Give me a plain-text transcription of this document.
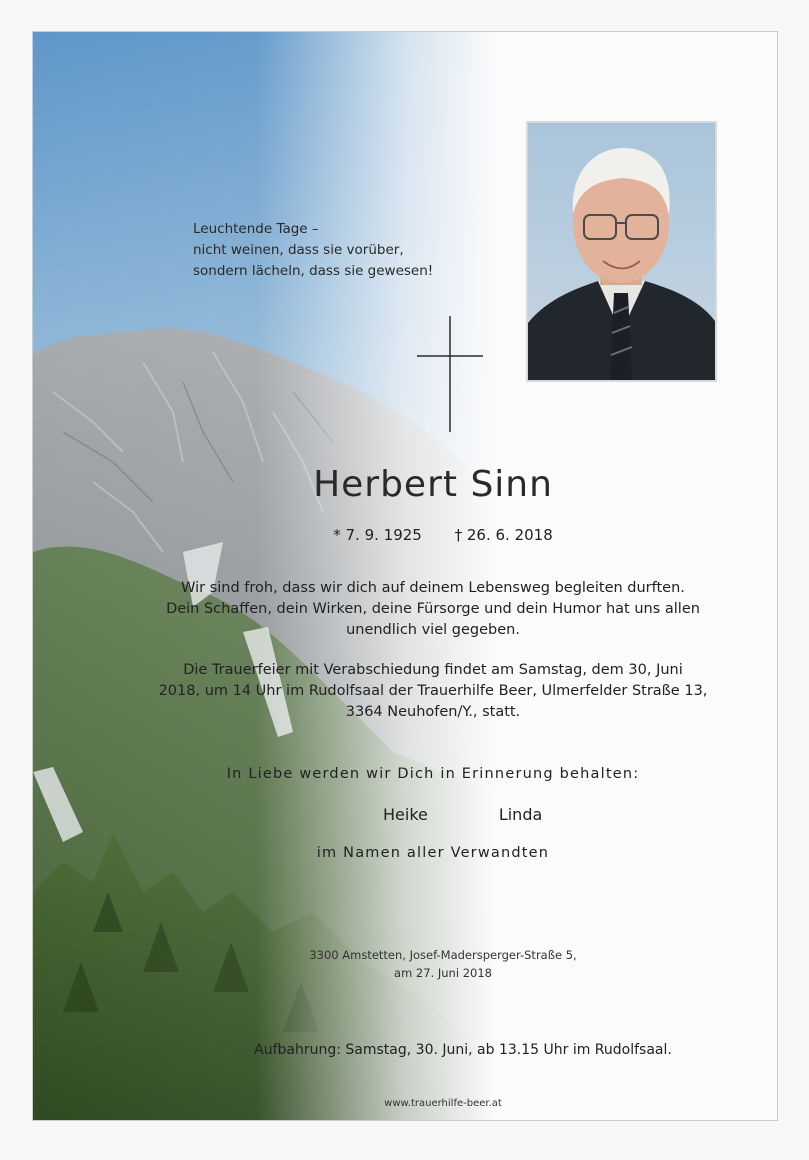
Leuchtende Tage –
nicht weinen, dass sie vorüber,
sondern lächeln, dass sie gewesen!
Herbert Sinn
* 7. 9. 1925 † 26. 6. 2018
Wir sind froh, dass wir dich auf deinem Lebensweg begleiten durften.
Dein Schaffen, dein Wirken, deine Fürsorge und dein Humor hat uns allen
unendlich viel gegeben.
Die Trauerfeier mit Verabschiedung findet am Samstag, dem 30, Juni
2018, um 14 Uhr im Rudolfsaal der Trauerhilfe Beer, Ulmerfelder Straße 13,
3364 Neuhofen/Y., statt.
In Liebe werden wir Dich in Erinnerung behalten:
Heike	Linda
im Namen aller Verwandten
3300 Amstetten, Josef-Madersperger-Straße 5,
am 27. Juni 2018
Aufbahrung: Samstag, 30. Juni, ab 13.15 Uhr im Rudolfsaal.
www.trauerhilfe-beer.at
